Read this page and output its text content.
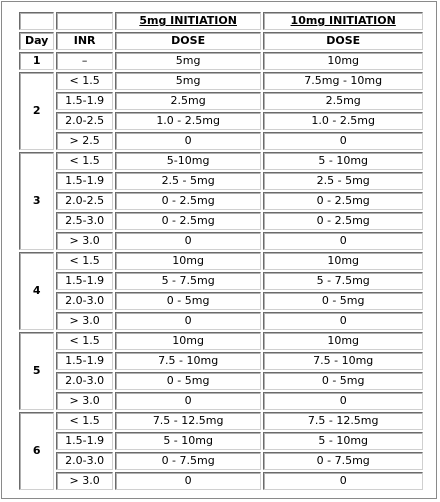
		5mg INITIATION	10mg INITIATION
Day	INR	DOSE	DOSE
1	–	5mg	10mg
2	< 1.5	5mg	7.5mg - 10mg
	1.5-1.9	2.5mg	2.5mg
	2.0-2.5	1.0 - 2.5mg	1.0 - 2.5mg
	> 2.5	0	0
3	< 1.5	5-10mg	5 - 10mg
	1.5-1.9	2.5 - 5mg	2.5 - 5mg
	2.0-2.5	0 - 2.5mg	0 - 2.5mg
	2.5-3.0	0 - 2.5mg	0 - 2.5mg
	> 3.0	0	0
4	< 1.5	10mg	10mg
	1.5-1.9	5 - 7.5mg	5 - 7.5mg
	2.0-3.0	0 - 5mg	0 - 5mg
	> 3.0	0	0
5	< 1.5	10mg	10mg
	1.5-1.9	7.5 - 10mg	7.5 - 10mg
	2.0-3.0	0 - 5mg	0 - 5mg
	> 3.0	0	0
6	< 1.5	7.5 - 12.5mg	7.5 - 12.5mg
	1.5-1.9	5 - 10mg	5 - 10mg
	2.0-3.0	0 - 7.5mg	0 - 7.5mg
	> 3.0	0	0
